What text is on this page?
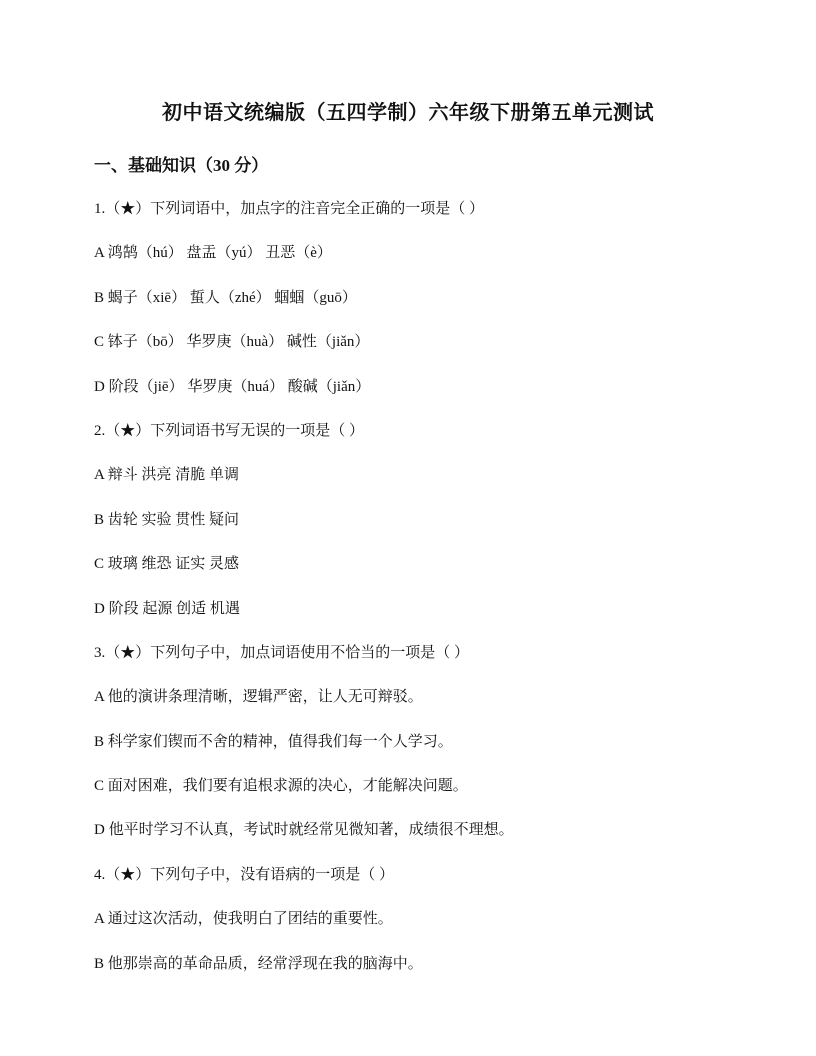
初中语文统编版（五四学制）六年级下册第五单元测试
一、基础知识（30 分）
1.（★）下列词语中，加点字的注音完全正确的一项是（ ）
A 鸿鹄（hú） 盘盂（yú） 丑恶（è）
B 蝎子（xiē） 蜇人（zhé） 蝈蝈（guō）
C 钵子（bō） 华罗庚（huà） 碱性（jiǎn）
D 阶段（jiē） 华罗庚（huá） 酸碱（jiǎn）
2.（★）下列词语书写无误的一项是（ ）
A 辩斗 洪亮 清脆 单调
B 齿轮 实验 贯性 疑问
C 玻璃 维恐 证实 灵感
D 阶段 起源 创适 机遇
3.（★）下列句子中，加点词语使用不恰当的一项是（ ）
A 他的演讲条理清晰，逻辑严密，让人无可辩驳。
B 科学家们锲而不舍的精神，值得我们每一个人学习。
C 面对困难，我们要有追根求源的决心，才能解决问题。
D 他平时学习不认真，考试时就经常见微知著，成绩很不理想。
4.（★）下列句子中，没有语病的一项是（ ）
A 通过这次活动，使我明白了团结的重要性。
B 他那崇高的革命品质，经常浮现在我的脑海中。
